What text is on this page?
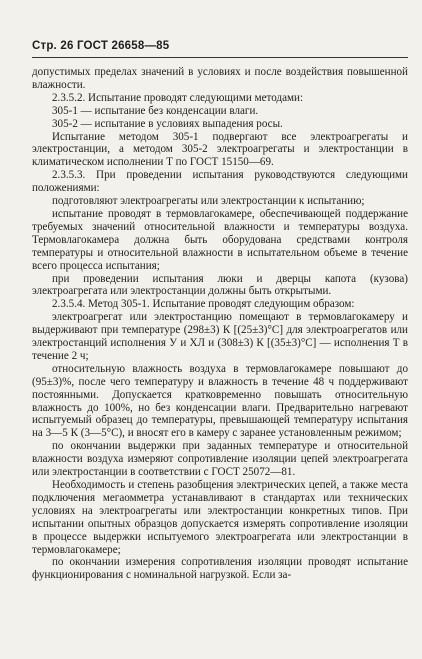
Стр. 26 ГОСТ 26658—85

допустимых пределах значений в условиях и после воздействия повышенной влажности.

2.3.5.2. Испытание проводят следующими методами:

305-1 — испытание без конденсации влаги.

305-2 — испытание в условиях выпадения росы.

Испытание методом 305-1 подвергают все электроагрегаты и электростанции, а методом 305-2 электроагрегаты и электростанции в климатическом исполнении Т по ГОСТ 15150—69.

2.3.5.3. При проведении испытания руководствуются следующими положениями:

подготовляют электроагрегаты или электростанции к испытанию;

испытание проводят в термовлагокамере, обеспечивающей поддержание требуемых значений относительной влажности и температуры воздуха. Термовлагокамера должна быть оборудована средствами контроля температуры и относительной влажности в испытательном объеме в течение всего процесса испытания;

при проведении испытания люки и дверцы капота (кузова) электроагрегата или электростанции должны быть открытыми.

2.3.5.4. Метод 305-1. Испытание проводят следующим образом:

электроагрегат или электростанцию помещают в термовлагокамеру и выдерживают при температуре (298±3) К [(25±3)°С] для электроагрегатов или электростанций исполнения У и ХЛ и (308±3) К [(35±3)°С] — исполнения Т в течение 2 ч;

относительную влажность воздуха в термовлагокамере повышают до (95±3)%, после чего температуру и влажность в течение 48 ч поддерживают постоянными. Допускается кратковременно повышать относительную влажность до 100%, но без конденсации влаги. Предварительно нагревают испытуемый образец до температуры, превышающей температуру испытания на 3—5 К (3—5°С), и вносят его в камеру с заранее установленным режимом;

по окончании выдержки при заданных температуре и относительной влажности воздуха измеряют сопротивление изоляции цепей электроагрегата или электростанции в соответствии с ГОСТ 25072—81.

Необходимость и степень разобщения электрических цепей, а также места подключения мегаомметра устанавливают в стандартах или технических условиях на электроагрегаты или электростанции конкретных типов. При испытании опытных образцов допускается измерять сопротивление изоляции в процессе выдержки испытуемого электроагрегата или электростанции в термовлагокамере;

по окончании измерения сопротивления изоляции проводят испытание функционирования с номинальной нагрузкой. Если за-
